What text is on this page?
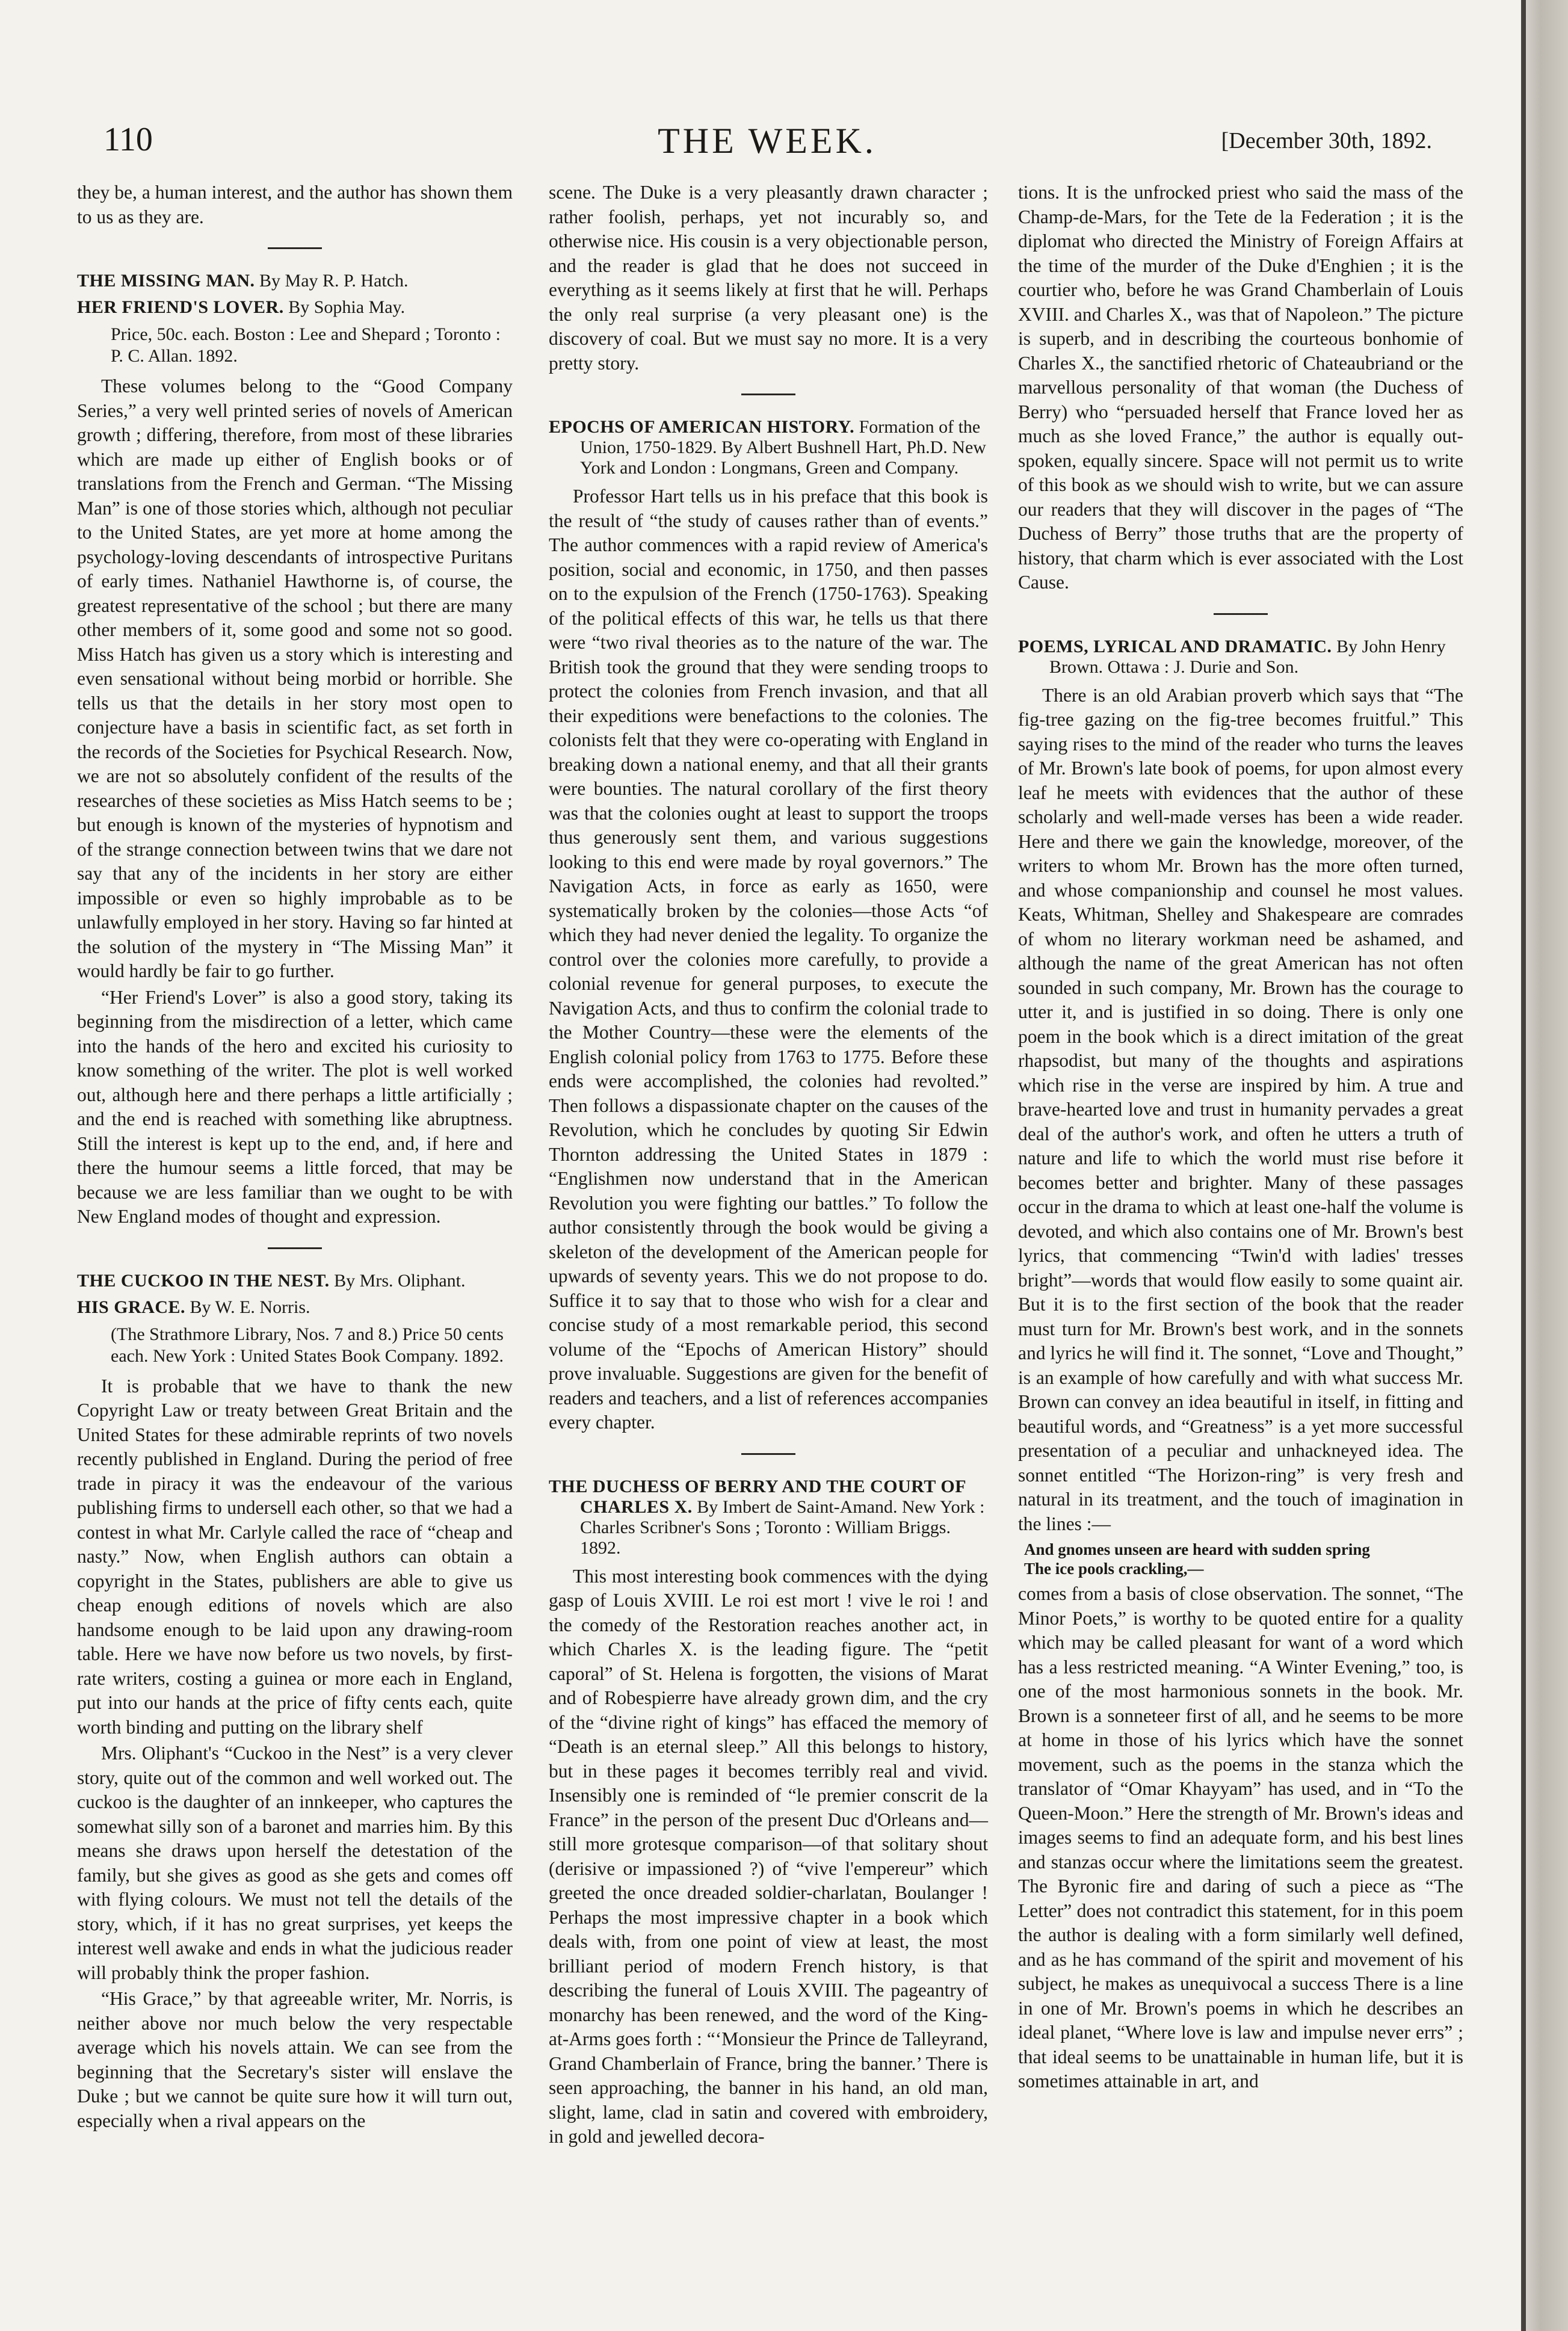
110	THE WEEK.	[December 30th, 1892.

they be, a human interest, and the author has shown them to us as they are.

THE MISSING MAN. By May R. P. Hatch.
HER FRIEND'S LOVER. By Sophia May.
Price, 50c. each. Boston : Lee and Shepard ; Toronto : P. C. Allan. 1892.

These volumes belong to the “Good Company Series,” a very well printed series of novels of American growth ; differing, therefore, from most of these libraries which are made up either of English books or of translations from the French and German. “The Missing Man” is one of those stories which, although not peculiar to the United States, are yet more at home among the psychology-loving descendants of introspective Puritans of early times. Nathaniel Hawthorne is, of course, the greatest representative of the school ; but there are many other members of it, some good and some not so good. Miss Hatch has given us a story which is interesting and even sensational without being morbid or horrible. She tells us that the details in her story most open to conjecture have a basis in scientific fact, as set forth in the records of the Societies for Psychical Research. Now, we are not so absolutely confident of the results of the researches of these societies as Miss Hatch seems to be ; but enough is known of the mysteries of hypnotism and of the strange connection between twins that we dare not say that any of the incidents in her story are either impossible or even so highly improbable as to be unlawfully employed in her story. Having so far hinted at the solution of the mystery in “The Missing Man” it would hardly be fair to go further.

“Her Friend's Lover” is also a good story, taking its beginning from the misdirection of a letter, which came into the hands of the hero and excited his curiosity to know something of the writer. The plot is well worked out, although here and there perhaps a little artificially ; and the end is reached with something like abruptness. Still the interest is kept up to the end, and, if here and there the humour seems a little forced, that may be because we are less familiar than we ought to be with New England modes of thought and expression.

THE CUCKOO IN THE NEST. By Mrs. Oliphant.
HIS GRACE. By W. E. Norris.
(The Strathmore Library, Nos. 7 and 8.) Price 50 cents each. New York : United States Book Company. 1892.

It is probable that we have to thank the new Copyright Law or treaty between Great Britain and the United States for these admirable reprints of two novels recently published in England. During the period of free trade in piracy it was the endeavour of the various publishing firms to undersell each other, so that we had a contest in what Mr. Carlyle called the race of “cheap and nasty.” Now, when English authors can obtain a copyright in the States, publishers are able to give us cheap enough editions of novels which are also handsome enough to be laid upon any drawing-room table. Here we have now before us two novels, by first-rate writers, costing a guinea or more each in England, put into our hands at the price of fifty cents each, quite worth binding and putting on the library shelf

Mrs. Oliphant's “Cuckoo in the Nest” is a very clever story, quite out of the common and well worked out. The cuckoo is the daughter of an innkeeper, who captures the somewhat silly son of a baronet and marries him. By this means she draws upon herself the detestation of the family, but she gives as good as she gets and comes off with flying colours. We must not tell the details of the story, which, if it has no great surprises, yet keeps the interest well awake and ends in what the judicious reader will probably think the proper fashion.

“His Grace,” by that agreeable writer, Mr. Norris, is neither above nor much below the very respectable average which his novels attain. We can see from the beginning that the Secretary's sister will enslave the Duke ; but we cannot be quite sure how it will turn out, especially when a rival appears on the

scene. The Duke is a very pleasantly drawn character ; rather foolish, perhaps, yet not incurably so, and otherwise nice. His cousin is a very objectionable person, and the reader is glad that he does not succeed in everything as it seems likely at first that he will. Perhaps the only real surprise (a very pleasant one) is the discovery of coal. But we must say no more. It is a very pretty story.

EPOCHS OF AMERICAN HISTORY. Formation of the Union, 1750-1829. By Albert Bushnell Hart, Ph.D. New York and London : Longmans, Green and Company.

Professor Hart tells us in his preface that this book is the result of “the study of causes rather than of events.” The author commences with a rapid review of America's position, social and economic, in 1750, and then passes on to the expulsion of the French (1750-1763). Speaking of the political effects of this war, he tells us that there were “two rival theories as to the nature of the war. The British took the ground that they were sending troops to protect the colonies from French invasion, and that all their expeditions were benefactions to the colonies. The colonists felt that they were co-operating with England in breaking down a national enemy, and that all their grants were bounties. The natural corollary of the first theory was that the colonies ought at least to support the troops thus generously sent them, and various suggestions looking to this end were made by royal governors.” The Navigation Acts, in force as early as 1650, were systematically broken by the colonies—those Acts “of which they had never denied the legality. To organize the control over the colonies more carefully, to provide a colonial revenue for general purposes, to execute the Navigation Acts, and thus to confirm the colonial trade to the Mother Country—these were the elements of the English colonial policy from 1763 to 1775. Before these ends were accomplished, the colonies had revolted.” Then follows a dispassionate chapter on the causes of the Revolution, which he concludes by quoting Sir Edwin Thornton addressing the United States in 1879 : “Englishmen now understand that in the American Revolution you were fighting our battles.” To follow the author consistently through the book would be giving a skeleton of the development of the American people for upwards of seventy years. This we do not propose to do. Suffice it to say that to those who wish for a clear and concise study of a most remarkable period, this second volume of the “Epochs of American History” should prove invaluable. Suggestions are given for the benefit of readers and teachers, and a list of references accompanies every chapter.

THE DUCHESS OF BERRY AND THE COURT OF CHARLES X. By Imbert de Saint-Amand. New York : Charles Scribner's Sons ; Toronto : William Briggs. 1892.

This most interesting book commences with the dying gasp of Louis XVIII. Le roi est mort ! vive le roi ! and the comedy of the Restoration reaches another act, in which Charles X. is the leading figure. The “petit caporal” of St. Helena is forgotten, the visions of Marat and of Robespierre have already grown dim, and the cry of the “divine right of kings” has effaced the memory of “Death is an eternal sleep.” All this belongs to history, but in these pages it becomes terribly real and vivid. Insensibly one is reminded of “le premier conscrit de la France” in the person of the present Duc d'Orleans and—still more grotesque comparison—of that solitary shout (derisive or impassioned ?) of “vive l'empereur” which greeted the once dreaded soldier-charlatan, Boulanger ! Perhaps the most impressive chapter in a book which deals with, from one point of view at least, the most brilliant period of modern French history, is that describing the funeral of Louis XVIII. The pageantry of monarchy has been renewed, and the word of the King-at-Arms goes forth : “‘Monsieur the Prince de Talleyrand, Grand Chamberlain of France, bring the banner.’ There is seen approaching, the banner in his hand, an old man, slight, lame, clad in satin and covered with embroidery, in gold and jewelled decora-

tions. It is the unfrocked priest who said the mass of the Champ-de-Mars, for the Tete de la Federation ; it is the diplomat who directed the Ministry of Foreign Affairs at the time of the murder of the Duke d'Enghien ; it is the courtier who, before he was Grand Chamberlain of Louis XVIII. and Charles X., was that of Napoleon.” The picture is superb, and in describing the courteous bonhomie of Charles X., the sanctified rhetoric of Chateaubriand or the marvellous personality of that woman (the Duchess of Berry) who “persuaded herself that France loved her as much as she loved France,” the author is equally out-spoken, equally sincere. Space will not permit us to write of this book as we should wish to write, but we can assure our readers that they will discover in the pages of “The Duchess of Berry” those truths that are the property of history, that charm which is ever associated with the Lost Cause.

POEMS, LYRICAL AND DRAMATIC. By John Henry Brown. Ottawa : J. Durie and Son.

There is an old Arabian proverb which says that “The fig-tree gazing on the fig-tree becomes fruitful.” This saying rises to the mind of the reader who turns the leaves of Mr. Brown's late book of poems, for upon almost every leaf he meets with evidences that the author of these scholarly and well-made verses has been a wide reader. Here and there we gain the knowledge, moreover, of the writers to whom Mr. Brown has the more often turned, and whose companionship and counsel he most values. Keats, Whitman, Shelley and Shakespeare are comrades of whom no literary workman need be ashamed, and although the name of the great American has not often sounded in such company, Mr. Brown has the courage to utter it, and is justified in so doing. There is only one poem in the book which is a direct imitation of the great rhapsodist, but many of the thoughts and aspirations which rise in the verse are inspired by him. A true and brave-hearted love and trust in humanity pervades a great deal of the author's work, and often he utters a truth of nature and life to which the world must rise before it becomes better and brighter. Many of these passages occur in the drama to which at least one-half the volume is devoted, and which also contains one of Mr. Brown's best lyrics, that commencing “Twin'd with ladies' tresses bright”—words that would flow easily to some quaint air. But it is to the first section of the book that the reader must turn for Mr. Brown's best work, and in the sonnets and lyrics he will find it. The sonnet, “Love and Thought,” is an example of how carefully and with what success Mr. Brown can convey an idea beautiful in itself, in fitting and beautiful words, and “Greatness” is a yet more successful presentation of a peculiar and unhackneyed idea. The sonnet entitled “The Horizon-ring” is very fresh and natural in its treatment, and the touch of imagination in the lines :—

And gnomes unseen are heard with sudden spring
The ice pools crackling,—

comes from a basis of close observation. The sonnet, “The Minor Poets,” is worthy to be quoted entire for a quality which may be called pleasant for want of a word which has a less restricted meaning. “A Winter Evening,” too, is one of the most harmonious sonnets in the book. Mr. Brown is a sonneteer first of all, and he seems to be more at home in those of his lyrics which have the sonnet movement, such as the poems in the stanza which the translator of “Omar Khayyam” has used, and in “To the Queen-Moon.” Here the strength of Mr. Brown's ideas and images seems to find an adequate form, and his best lines and stanzas occur where the limitations seem the greatest. The Byronic fire and daring of such a piece as “The Letter” does not contradict this statement, for in this poem the author is dealing with a form similarly well defined, and as he has command of the spirit and movement of his subject, he makes as unequivocal a success There is a line in one of Mr. Brown's poems in which he describes an ideal planet, “Where love is law and impulse never errs” ; that ideal seems to be unattainable in human life, but it is sometimes attainable in art, and
